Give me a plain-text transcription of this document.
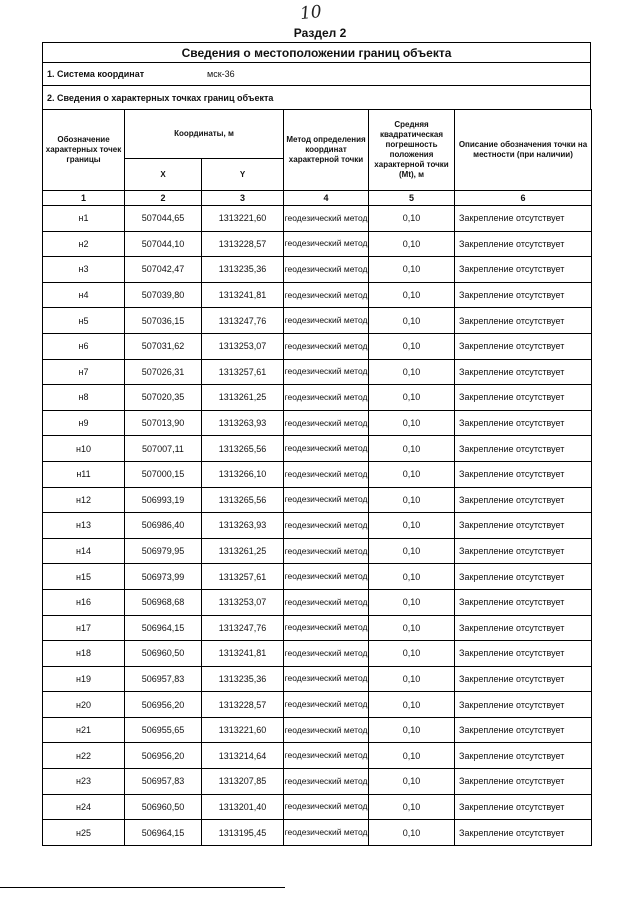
10
Раздел 2
Сведения о местоположении границ объекта
1. Система координат	мск-36
2. Сведения о характерных точках границ объекта
Обозначение характерных точек границы	Координаты, м		Метод определения координат характерной точки	Средняя квадратическая погрешность положения характерной точки (Mt), м	Описание обозначения точки на местности (при наличии)
	X	Y			
1	2	3	4	5	6
н1	507044,65	1313221,60	геодезический метод	0,10	Закрепление отсутствует
н2	507044,10	1313228,57	геодезический метод	0,10	Закрепление отсутствует
н3	507042,47	1313235,36	геодезический метод	0,10	Закрепление отсутствует
н4	507039,80	1313241,81	геодезический метод	0,10	Закрепление отсутствует
н5	507036,15	1313247,76	геодезический метод	0,10	Закрепление отсутствует
н6	507031,62	1313253,07	геодезический метод	0,10	Закрепление отсутствует
н7	507026,31	1313257,61	геодезический метод	0,10	Закрепление отсутствует
н8	507020,35	1313261,25	геодезический метод	0,10	Закрепление отсутствует
н9	507013,90	1313263,93	геодезический метод	0,10	Закрепление отсутствует
н10	507007,11	1313265,56	геодезический метод	0,10	Закрепление отсутствует
н11	507000,15	1313266,10	геодезический метод	0,10	Закрепление отсутствует
н12	506993,19	1313265,56	геодезический метод	0,10	Закрепление отсутствует
н13	506986,40	1313263,93	геодезический метод	0,10	Закрепление отсутствует
н14	506979,95	1313261,25	геодезический метод	0,10	Закрепление отсутствует
н15	506973,99	1313257,61	геодезический метод	0,10	Закрепление отсутствует
н16	506968,68	1313253,07	геодезический метод	0,10	Закрепление отсутствует
н17	506964,15	1313247,76	геодезический метод	0,10	Закрепление отсутствует
н18	506960,50	1313241,81	геодезический метод	0,10	Закрепление отсутствует
н19	506957,83	1313235,36	геодезический метод	0,10	Закрепление отсутствует
н20	506956,20	1313228,57	геодезический метод	0,10	Закрепление отсутствует
н21	506955,65	1313221,60	геодезический метод	0,10	Закрепление отсутствует
н22	506956,20	1313214,64	геодезический метод	0,10	Закрепление отсутствует
н23	506957,83	1313207,85	геодезический метод	0,10	Закрепление отсутствует
н24	506960,50	1313201,40	геодезический метод	0,10	Закрепление отсутствует
н25	506964,15	1313195,45	геодезический метод	0,10	Закрепление отсутствует
